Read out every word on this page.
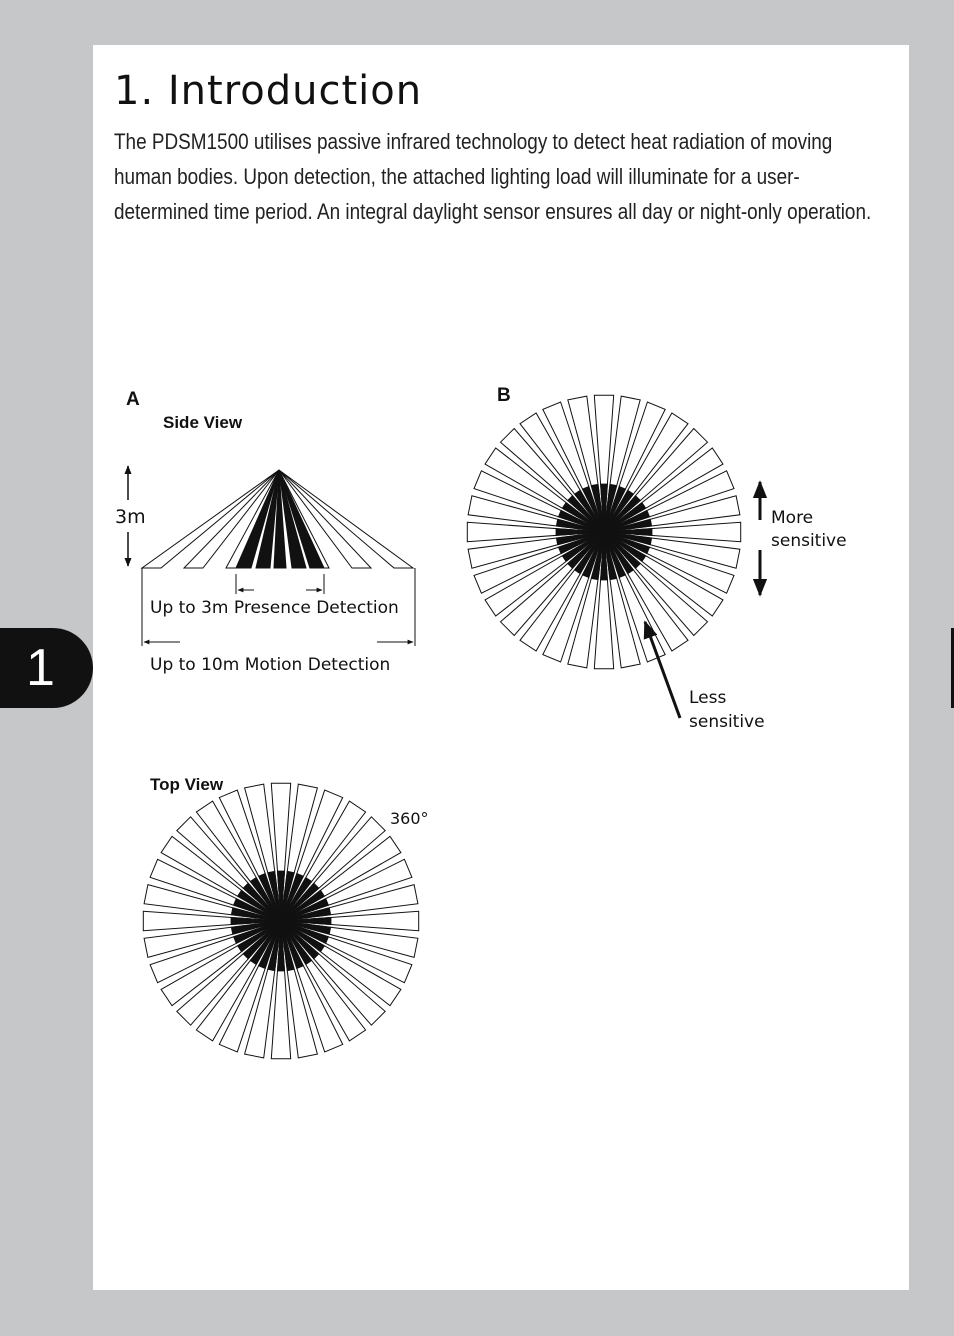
1
1. Introduction

The PDSM1500 utilises passive infrared technology to detect heat radiation of moving human bodies. Upon detection, the attached lighting load will illuminate for a user-determined time period. An integral daylight sensor ensures all day or night-only operation.

A
Side View
3m
Up to 3m Presence Detection
Up to 10m Motion Detection
B
More
sensitive
Less
sensitive
Top View
360°
